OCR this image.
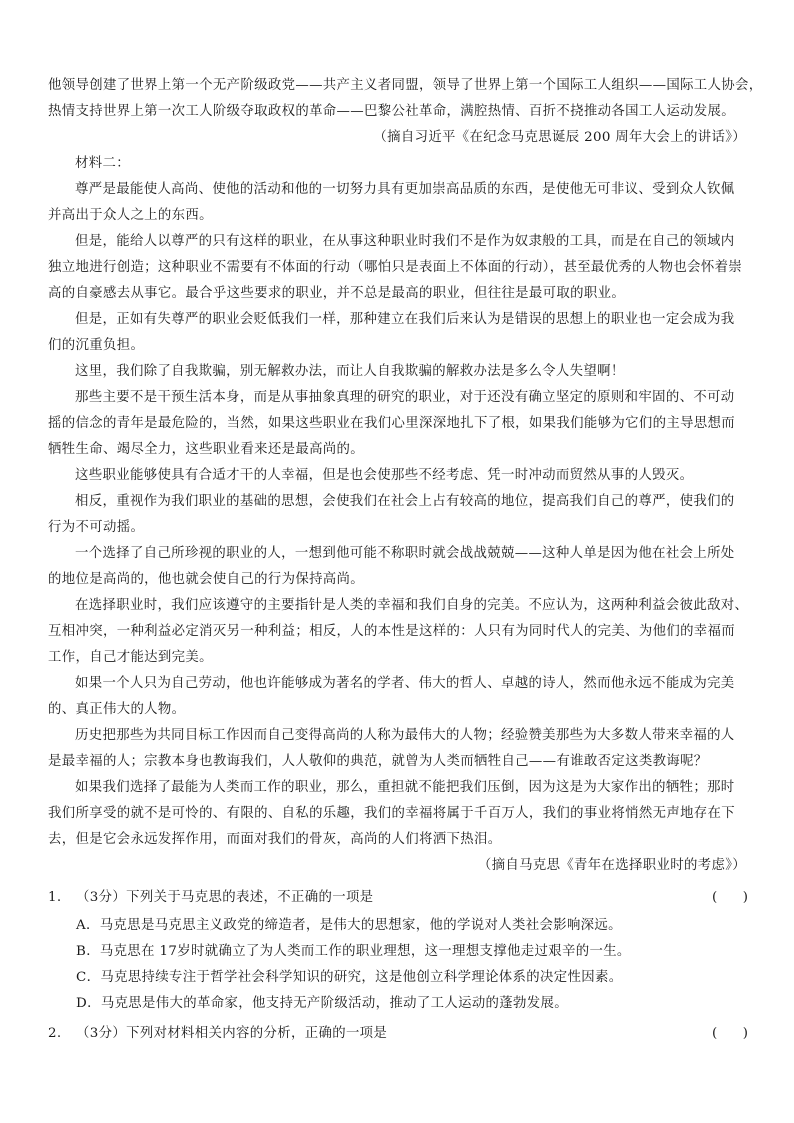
他领导创建了世界上第一个无产阶级政党——共产主义者同盟，领导了世界上第一个国际工人组织——国际工人协会，
热情支持世界上第一次工人阶级夺取政权的革命——巴黎公社革命，满腔热情、百折不挠推动各国工人运动发展。
（摘自习近平《在纪念马克思诞辰 200 周年大会上的讲话》）
材料二：
尊严是最能使人高尚、使他的活动和他的一切努力具有更加崇高品质的东西，是使他无可非议、受到众人钦佩
并高出于众人之上的东西。
但是，能给人以尊严的只有这样的职业，在从事这种职业时我们不是作为奴隶般的工具，而是在自己的领域内
独立地进行创造；这种职业不需要有不体面的行动（哪怕只是表面上不体面的行动），甚至最优秀的人物也会怀着崇
高的自豪感去从事它。最合乎这些要求的职业，并不总是最高的职业，但往往是最可取的职业。
但是，正如有失尊严的职业会贬低我们一样，那种建立在我们后来认为是错误的思想上的职业也一定会成为我
们的沉重负担。
这里，我们除了自我欺骗，别无解救办法，而让人自我欺骗的解救办法是多么令人失望啊！
那些主要不是干预生活本身，而是从事抽象真理的研究的职业，对于还没有确立坚定的原则和牢固的、不可动
摇的信念的青年是最危险的，当然，如果这些职业在我们心里深深地扎下了根，如果我们能够为它们的主导思想而
牺牲生命、竭尽全力，这些职业看来还是最高尚的。
这些职业能够使具有合适才干的人幸福，但是也会使那些不经考虑、凭一时冲动而贸然从事的人毁灭。
相反，重视作为我们职业的基础的思想，会使我们在社会上占有较高的地位，提高我们自己的尊严，使我们的
行为不可动摇。
一个选择了自己所珍视的职业的人，一想到他可能不称职时就会战战兢兢——这种人单是因为他在社会上所处
的地位是高尚的，他也就会使自己的行为保持高尚。
在选择职业时，我们应该遵守的主要指针是人类的幸福和我们自身的完美。不应认为，这两种利益会彼此敌对、
互相冲突，一种利益必定消灭另一种利益；相反，人的本性是这样的：人只有为同时代人的完美、为他们的幸福而
工作，自己才能达到完美。
如果一个人只为自己劳动，他也许能够成为著名的学者、伟大的哲人、卓越的诗人，然而他永远不能成为完美
的、真正伟大的人物。
历史把那些为共同目标工作因而自己变得高尚的人称为最伟大的人物；经验赞美那些为大多数人带来幸福的人
是最幸福的人；宗教本身也教诲我们，人人敬仰的典范，就曾为人类而牺牲自己——有谁敢否定这类教诲呢？
如果我们选择了最能为人类而工作的职业，那么，重担就不能把我们压倒，因为这是为大家作出的牺牲；那时
我们所享受的就不是可怜的、有限的、自私的乐趣，我们的幸福将属于千百万人，我们的事业将悄然无声地存在下
去，但是它会永远发挥作用，而面对我们的骨灰，高尚的人们将洒下热泪。
（摘自马克思《青年在选择职业时的考虑》）
1. （3分）下列关于马克思的表述，不正确的一项是	(      )
A．马克思是马克思主义政党的缔造者，是伟大的思想家，他的学说对人类社会影响深远。
B．马克思在 17岁时就确立了为人类而工作的职业理想，这一理想支撑他走过艰辛的一生。
C．马克思持续专注于哲学社会科学知识的研究，这是他创立科学理论体系的决定性因素。
D．马克思是伟大的革命家，他支持无产阶级活动，推动了工人运动的蓬勃发展。
2. （3分）下列对材料相关内容的分析，正确的一项是	(      )
